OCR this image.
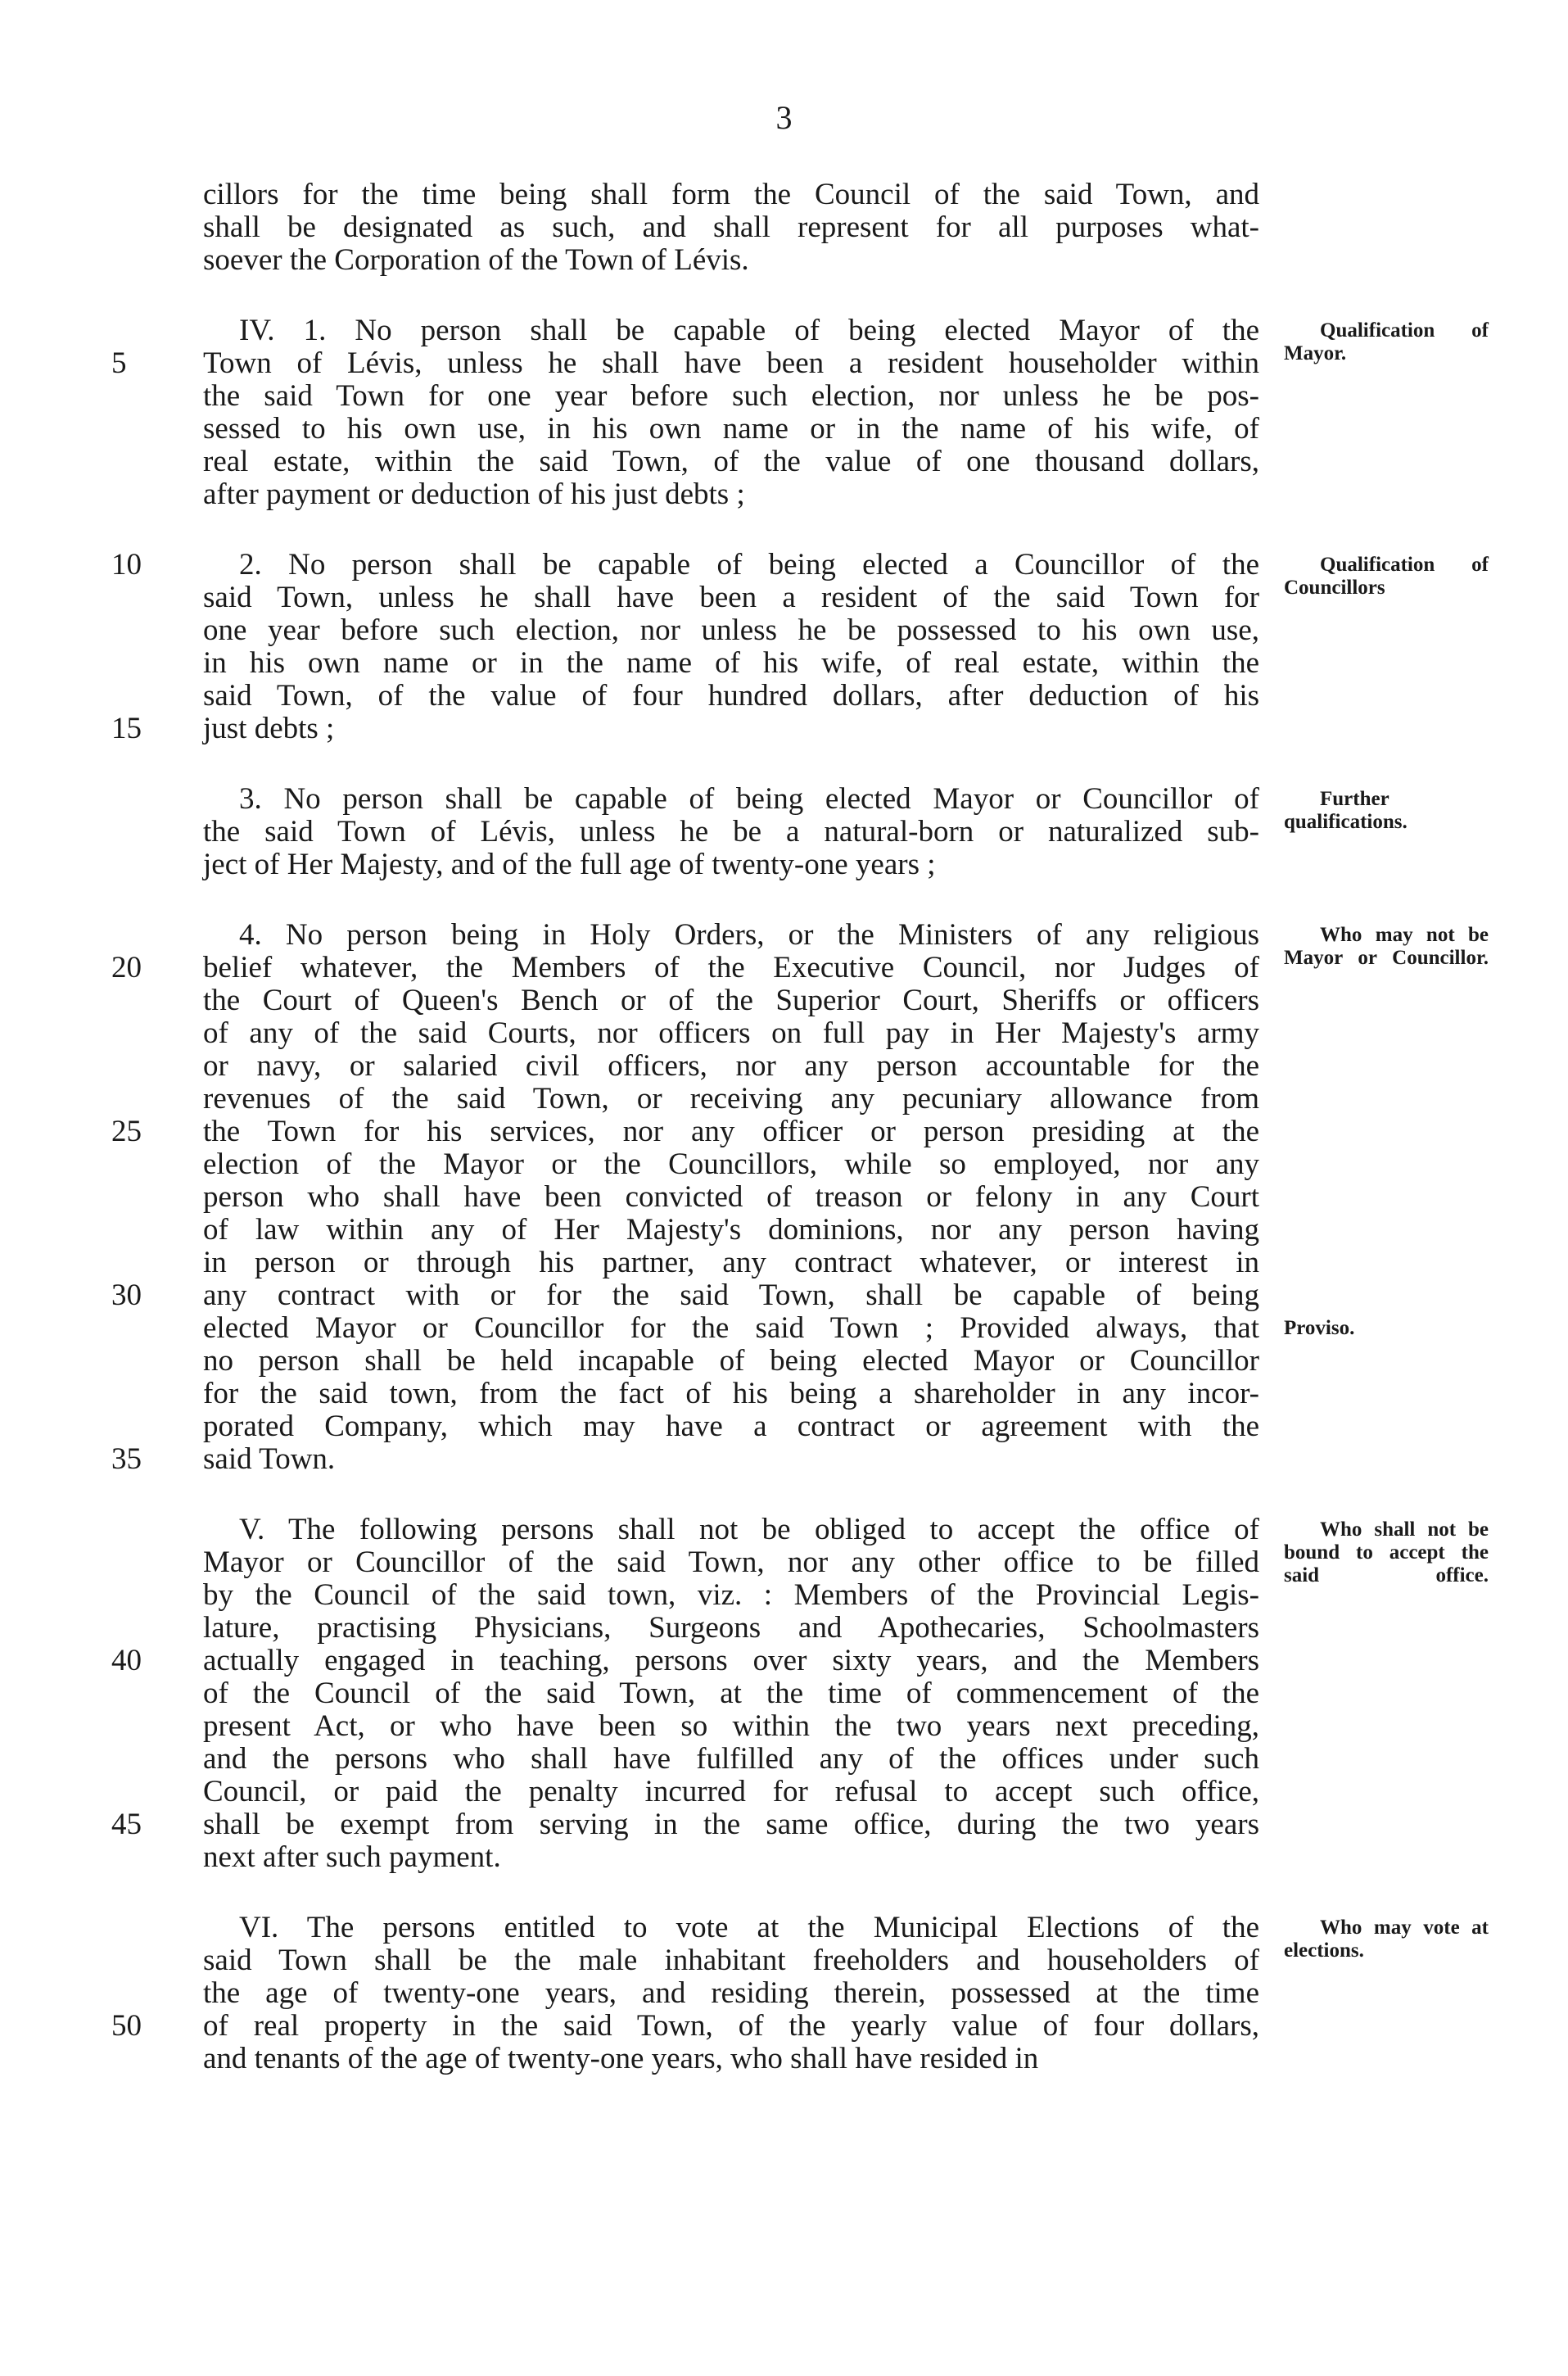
3
cillors for the time being shall form the Council of the said Town, and
shall be designated as such, and shall represent for all purposes what-
soever the Corporation of the Town of Lévis.
IV. 1. No person shall be capable of being elected Mayor of the	Qualification of Mayor.
Town of Lévis, unless he shall have been a resident householder within
5
the said Town for one year before such election, nor unless he be pos-
sessed to his own use, in his own name or in the name of his wife, of
real estate, within the said Town, of the value of one thousand dollars,
after payment or deduction of his just debts ;
2. No person shall be capable of being elected a Councillor of the
10	Qualification of Councillors
said Town, unless he shall have been a resident of the said Town for
one year before such election, nor unless he be possessed to his own use,
in his own name or in the name of his wife, of real estate, within the
said Town, of the value of four hundred dollars, after deduction of his
just debts ;
15
3. No person shall be capable of being elected Mayor or Councillor of	Further qualifications.
the said Town of Lévis, unless he be a natural-born or naturalized sub-
ject of Her Majesty, and of the full age of twenty-one years ;
4. No person being in Holy Orders, or the Ministers of any religious	Who may not be Mayor or Councillor.
belief whatever, the Members of the Executive Council, nor Judges of
20
the Court of Queen's Bench or of the Superior Court, Sheriffs or officers
of any of the said Courts, nor officers on full pay in Her Majesty's army
or navy, or salaried civil officers, nor any person accountable for the
revenues of the said Town, or receiving any pecuniary allowance from
the Town for his services, nor any officer or person presiding at the
25
election of the Mayor or the Councillors, while so employed, nor any
person who shall have been convicted of treason or felony in any Court
of law within any of Her Majesty's dominions, nor any person having
in person or through his partner, any contract whatever, or interest in
any contract with or for the said Town, shall be capable of being
30
elected Mayor or Councillor for the said Town ; Provided always, that Proviso.
no person shall be held incapable of being elected Mayor or Councillor
for the said town, from the fact of his being a shareholder in any incor-
porated Company, which may have a contract or agreement with the
said Town.
35
V. The following persons shall not be obliged to accept the office of	Who shall not be bound to accept the said office.
Mayor or Councillor of the said Town, nor any other office to be filled
by the Council of the said town, viz. : Members of the Provincial Legis-
lature, practising Physicians, Surgeons and Apothecaries, Schoolmasters
actually engaged in teaching, persons over sixty years, and the Members
40
of the Council of the said Town, at the time of commencement of the
present Act, or who have been so within the two years next preceding,
and the persons who shall have fulfilled any of the offices under such
Council, or paid the penalty incurred for refusal to accept such office,
shall be exempt from serving in the same office, during the two years
45
next after such payment.
VI. The persons entitled to vote at the Municipal Elections of the	Who may vote at elections.
said Town shall be the male inhabitant freeholders and householders of
the age of twenty-one years, and residing therein, possessed at the time
of real property in the said Town, of the yearly value of four dollars,
50
and tenants of the age of twenty-one years, who shall have resided in
